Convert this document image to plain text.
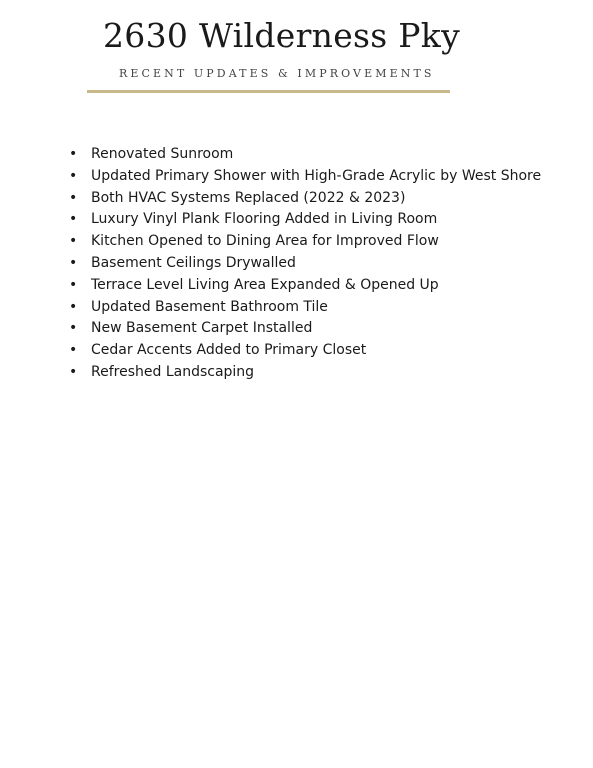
2630 Wilderness Pky
RECENT UPDATES & IMPROVEMENTS
• Renovated Sunroom
• Updated Primary Shower with High-Grade Acrylic by West Shore
• Both HVAC Systems Replaced (2022 & 2023)
• Luxury Vinyl Plank Flooring Added in Living Room
• Kitchen Opened to Dining Area for Improved Flow
• Basement Ceilings Drywalled
• Terrace Level Living Area Expanded & Opened Up
• Updated Basement Bathroom Tile
• New Basement Carpet Installed
• Cedar Accents Added to Primary Closet
• Refreshed Landscaping
